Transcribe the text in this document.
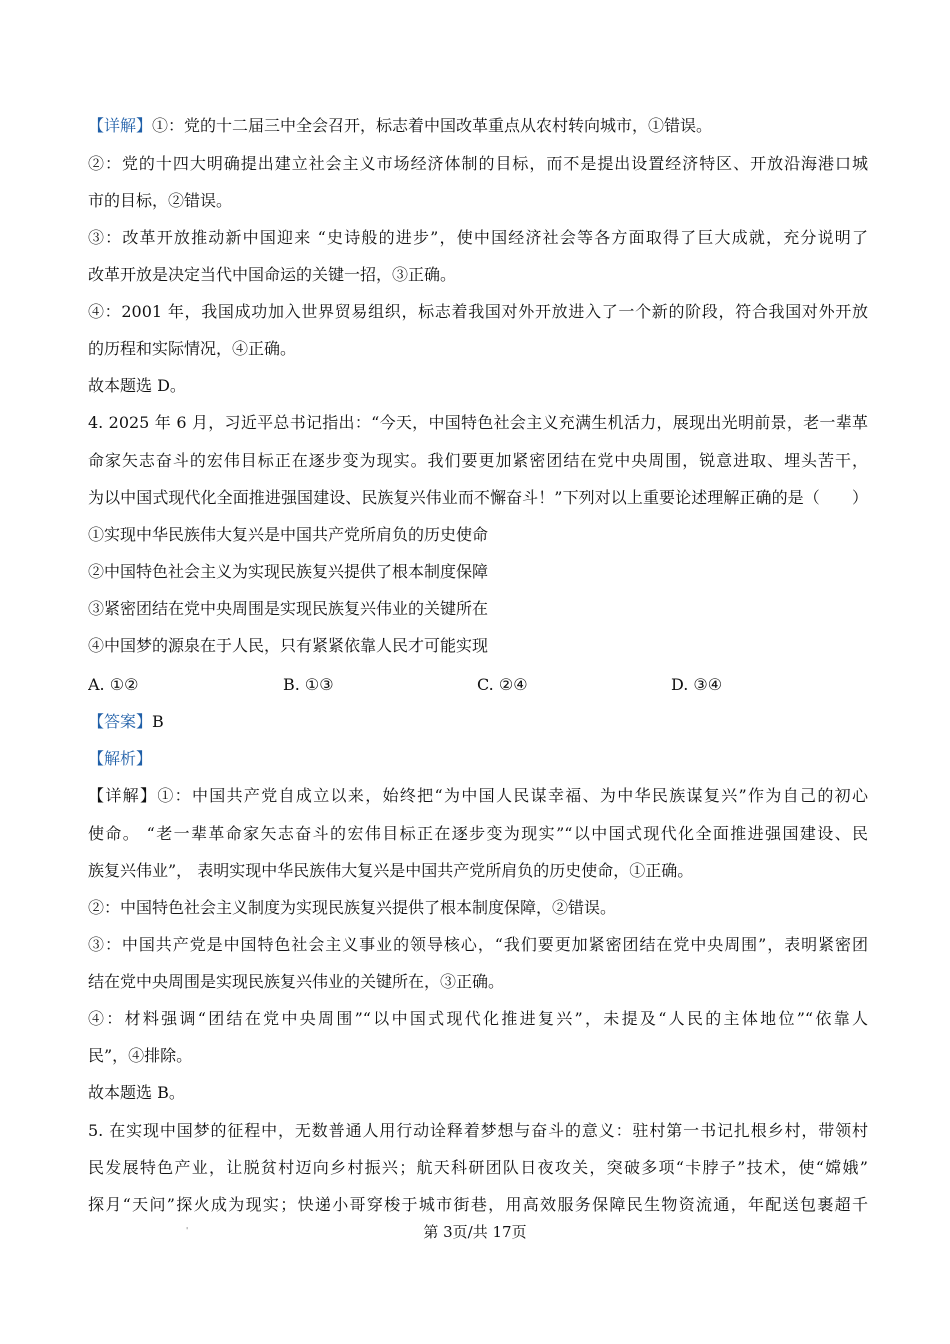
【详解】①：党的十二届三中全会召开，标志着中国改革重点从农村转向城市，①错误。
②：党的十四大明确提出建立社会主义市场经济体制的目标，而不是提出设置经济特区、开放沿海港口城
市的目标，②错误。
③：改革开放推动新中国迎来 “史诗般的进步”，使中国经济社会等各方面取得了巨大成就，充分说明了
改革开放是决定当代中国命运的关键一招，③正确。
④：2001 年，我国成功加入世界贸易组织，标志着我国对外开放进入了一个新的阶段，符合我国对外开放
的历程和实际情况，④正确。
故本题选 D。
4. 2025 年 6 月，习近平总书记指出：“今天，中国特色社会主义充满生机活力，展现出光明前景，老一辈革
命家矢志奋斗的宏伟目标正在逐步变为现实。我们要更加紧密团结在党中央周围，锐意进取、埋头苦干，
为以中国式现代化全面推进强国建设、民族复兴伟业而不懈奋斗！”下列对以上重要论述理解正确的是（　　）
①实现中华民族伟大复兴是中国共产党所肩负的历史使命
②中国特色社会主义为实现民族复兴提供了根本制度保障
③紧密团结在党中央周围是实现民族复兴伟业的关键所在
④中国梦的源泉在于人民，只有紧紧依靠人民才可能实现
A. ①②	B. ①③	C. ②④	D. ③④
【答案】B
【解析】
【详解】①：中国共产党自成立以来，始终把“为中国人民谋幸福、为中华民族谋复兴”作为自己的初心
使命。 “老一辈革命家矢志奋斗的宏伟目标正在逐步变为现实”“以中国式现代化全面推进强国建设、民
族复兴伟业”， 表明实现中华民族伟大复兴是中国共产党所肩负的历史使命，①正确。
②：中国特色社会主义制度为实现民族复兴提供了根本制度保障，②错误。
③：中国共产党是中国特色社会主义事业的领导核心，“我们要更加紧密团结在党中央周围”，表明紧密团
结在党中央周围是实现民族复兴伟业的关键所在，③正确。
④：材料强调“团结在党中央周围”“以中国式现代化推进复兴”，未提及“人民的主体地位”“依靠人
民”，④排除。
故本题选 B。
5. 在实现中国梦的征程中，无数普通人用行动诠释着梦想与奋斗的意义：驻村第一书记扎根乡村，带领村
民发展特色产业，让脱贫村迈向乡村振兴；航天科研团队日夜攻关，突破多项“卡脖子”技术，使“嫦娥”
探月“天问”探火成为现实；快递小哥穿梭于城市街巷，用高效服务保障民生物资流通，年配送包裹超千
'	第 3页/共 17页
